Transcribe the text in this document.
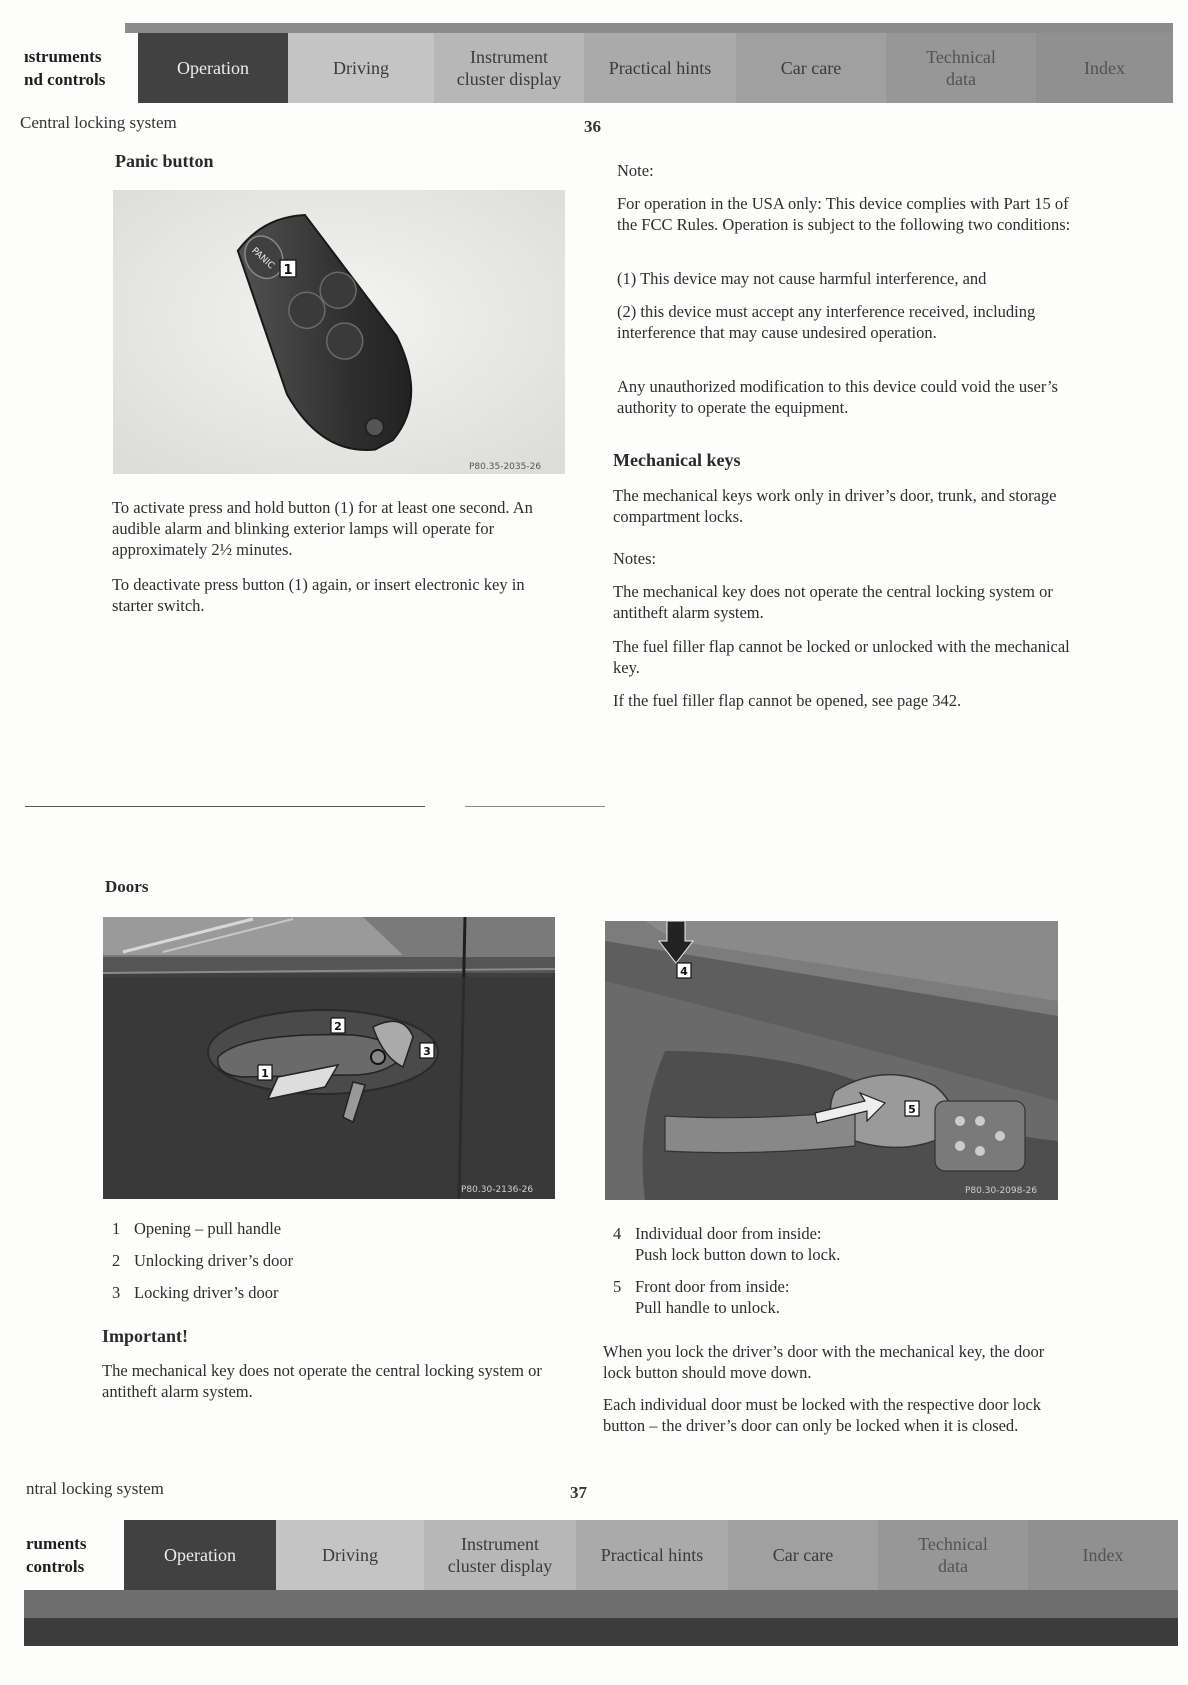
ıstruments
nd controls
Operation	Driving
Instrument
cluster display
Practical hints	Car care
Technical
data
Index
Central locking system	36
Panic button
PANIC 1
P80.35-2035-26

To activate press and hold button (1) for at least one second. An audible alarm and blinking exterior lamps will operate for approximately 2½ minutes.

To deactivate press button (1) again, or insert electronic key in starter switch.

Note:

For operation in the USA only: This device complies with Part 15 of the FCC Rules. Operation is subject to the following two conditions:

(1) This device may not cause harmful interference, and

(2) this device must accept any interference received, including interference that may cause undesired operation.

Any unauthorized modification to this device could void the user’s authority to operate the equipment.

Mechanical keys

The mechanical keys work only in driver’s door, trunk, and storage compartment locks.

Notes:

The mechanical key does not operate the central locking system or antitheft alarm system.

The fuel filler flap cannot be locked or unlocked with the mechanical key.

If the fuel filler flap cannot be opened, see page 342.

Doors
2
3
1
P80.30-2136-26
4
5
P80.30-2098-26
1 Opening – pull handle
2 Unlocking driver’s door
3 Locking driver’s door
Important!

The mechanical key does not operate the central locking system or antitheft alarm system.

4 Individual door from inside:
Push lock button down to lock.
5 Front door from inside:
Pull handle to unlock.

When you lock the driver’s door with the mechanical key, the door lock button should move down.

Each individual door must be locked with the respective door lock button – the driver’s door can only be locked when it is closed.

ntral locking system	37
ruments
controls
Operation	Driving
Instrument
cluster display
Practical hints	Car care
Technical
data
Index
